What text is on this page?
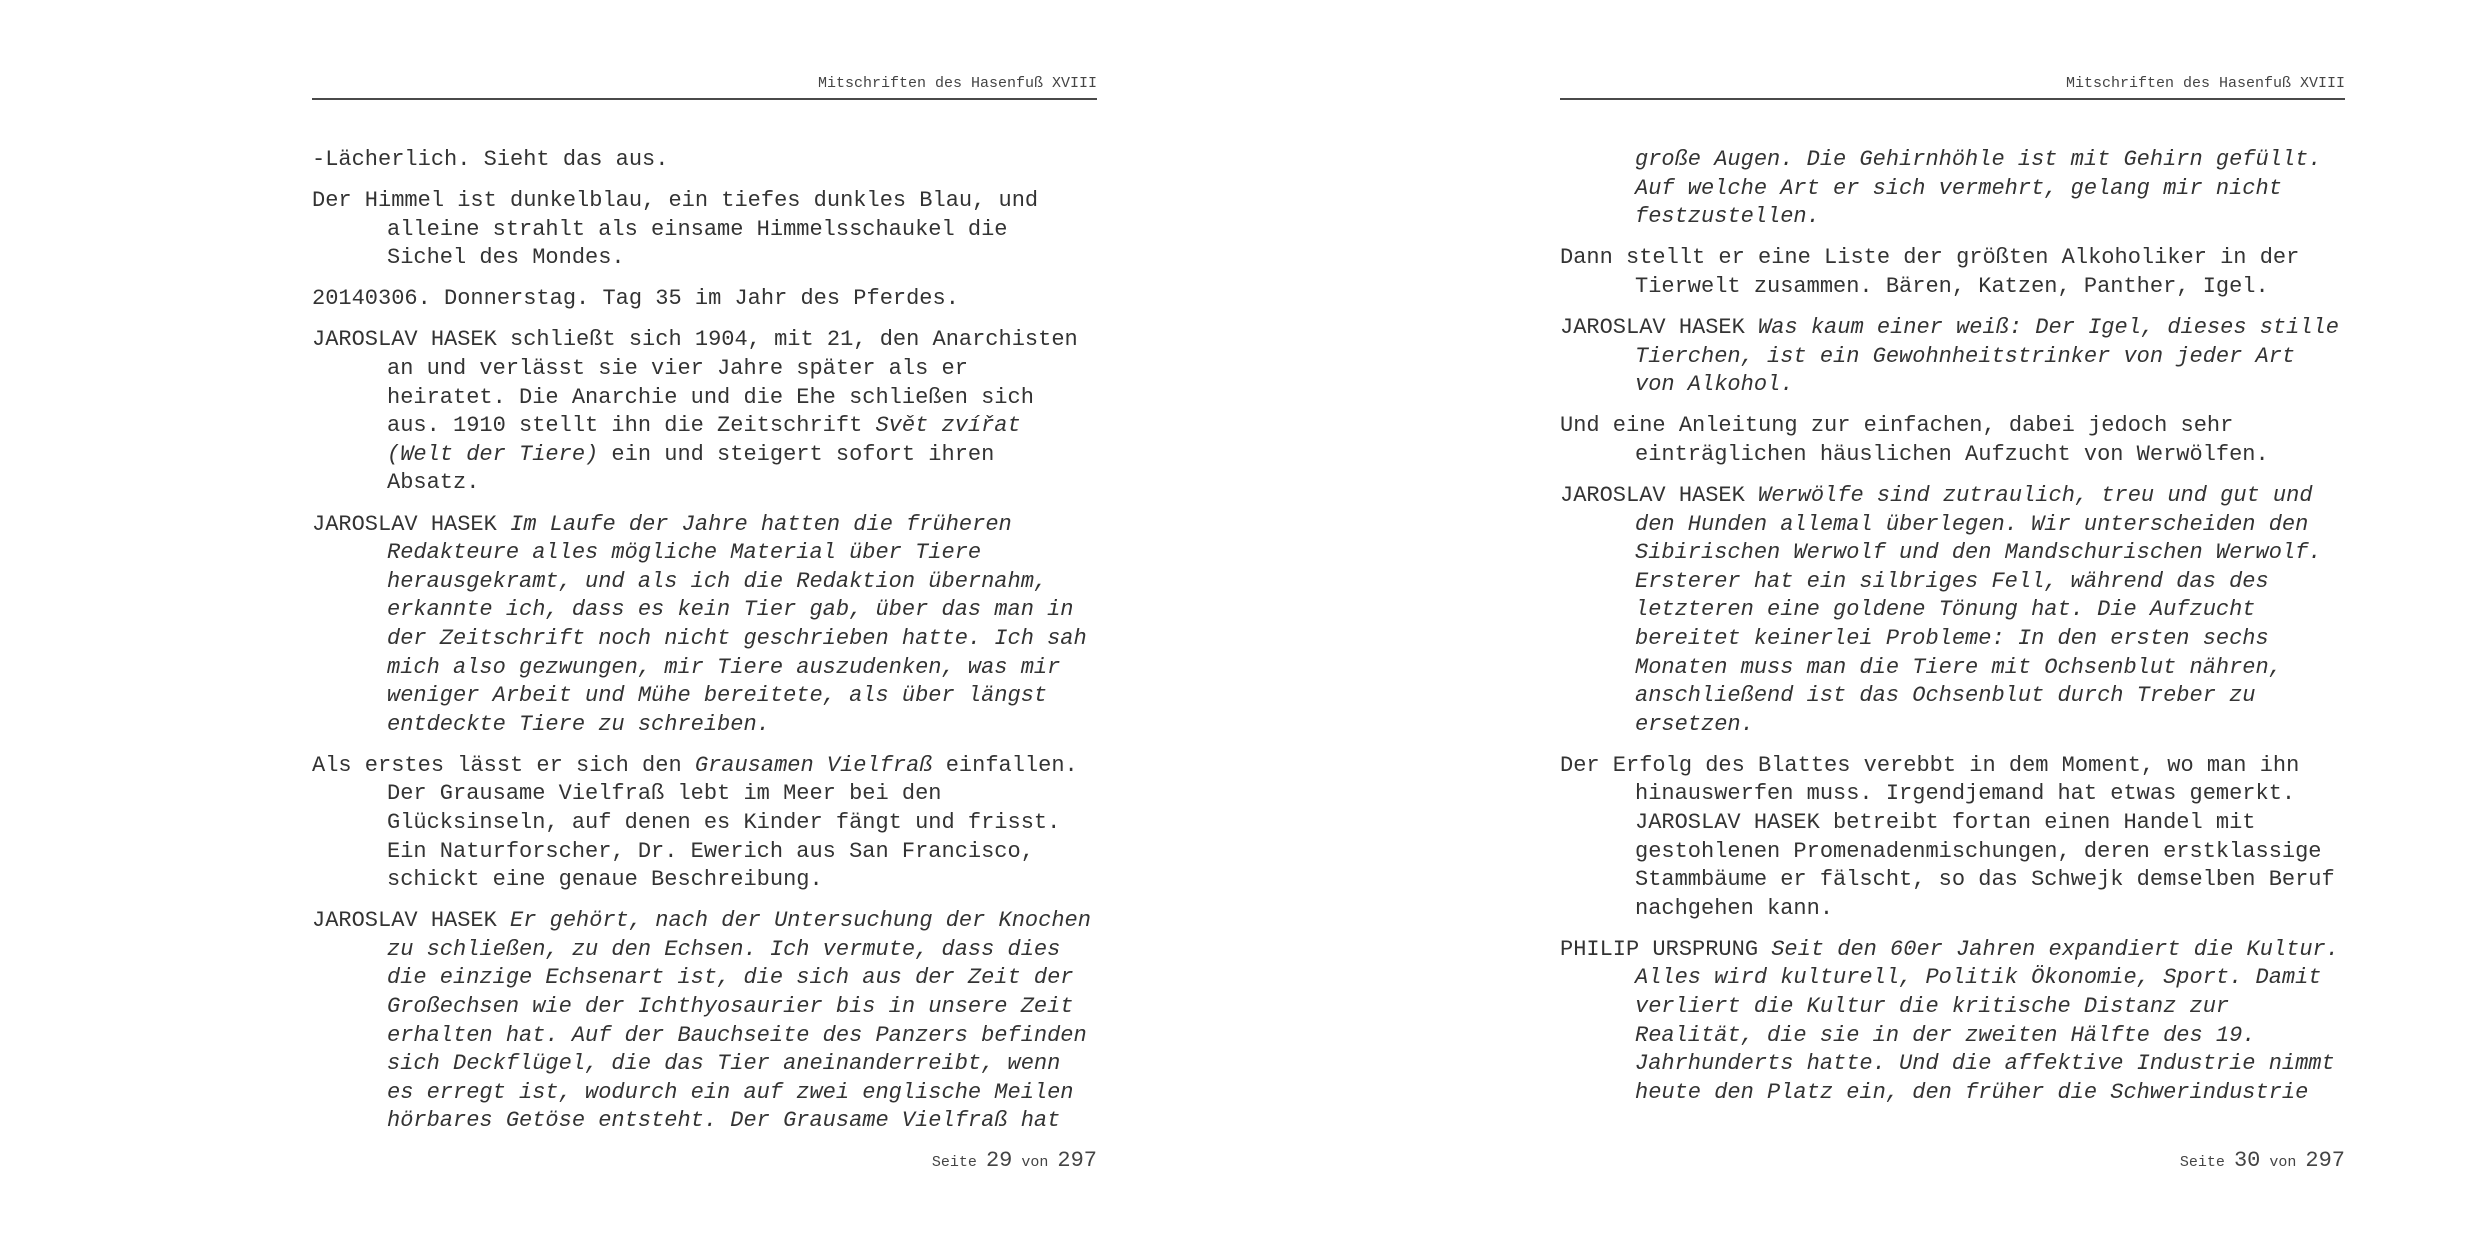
Mitschriften des Hasenfuß XVIII

-Lächerlich. Sieht das aus.

Der Himmel ist dunkelblau, ein tiefes dunkles Blau, und alleine strahlt als einsame Himmelsschaukel die Sichel des Mondes.

20140306. Donnerstag. Tag 35 im Jahr des Pferdes.

JAROSLAV HASEK schließt sich 1904, mit 21, den Anarchisten an und verlässt sie vier Jahre später als er heiratet. Die Anarchie und die Ehe schließen sich aus. 1910 stellt ihn die Zeitschrift Svět zvířat (Welt der Tiere) ein und steigert sofort ihren Absatz.

JAROSLAV HASEK Im Laufe der Jahre hatten die früheren Redakteure alles mögliche Material über Tiere herausgekramt, und als ich die Redaktion übernahm, erkannte ich, dass es kein Tier gab, über das man in der Zeitschrift noch nicht geschrieben hatte. Ich sah mich also gezwungen, mir Tiere auszudenken, was mir weniger Arbeit und Mühe bereitete, als über längst entdeckte Tiere zu schreiben.

Als erstes lässt er sich den Grausamen Vielfraß einfallen. Der Grausame Vielfraß lebt im Meer bei den Glücksinseln, auf denen es Kinder fängt und frisst. Ein Naturforscher, Dr. Ewerich aus San Francisco, schickt eine genaue Beschreibung.

JAROSLAV HASEK Er gehört, nach der Untersuchung der Knochen zu schließen, zu den Echsen. Ich vermute, dass dies die einzige Echsenart ist, die sich aus der Zeit der Großechsen wie der Ichthyosaurier bis in unsere Zeit erhalten hat. Auf der Bauchseite des Panzers befinden sich Deckflügel, die das Tier aneinanderreibt, wenn es erregt ist, wodurch ein auf zwei englische Meilen hörbares Getöse entsteht. Der Grausame Vielfraß hat

Seite 29 von 297
Mitschriften des Hasenfuß XVIII

große Augen. Die Gehirnhöhle ist mit Gehirn gefüllt. Auf welche Art er sich vermehrt, gelang mir nicht festzustellen.

Dann stellt er eine Liste der größten Alkoholiker in der Tierwelt zusammen. Bären, Katzen, Panther, Igel.

JAROSLAV HASEK Was kaum einer weiß: Der Igel, dieses stille Tierchen, ist ein Gewohnheitstrinker von jeder Art von Alkohol.

Und eine Anleitung zur einfachen, dabei jedoch sehr einträglichen häuslichen Aufzucht von Werwölfen.

JAROSLAV HASEK Werwölfe sind zutraulich, treu und gut und den Hunden allemal überlegen. Wir unterscheiden den Sibirischen Werwolf und den Mandschurischen Werwolf. Ersterer hat ein silbriges Fell, während das des letzteren eine goldene Tönung hat. Die Aufzucht bereitet keinerlei Probleme: In den ersten sechs Monaten muss man die Tiere mit Ochsenblut nähren, anschließend ist das Ochsenblut durch Treber zu ersetzen.

Der Erfolg des Blattes verebbt in dem Moment, wo man ihn hinauswerfen muss. Irgendjemand hat etwas gemerkt. JAROSLAV HASEK betreibt fortan einen Handel mit gestohlenen Promenadenmischungen, deren erstklassige Stammbäume er fälscht, so das Schwejk demselben Beruf nachgehen kann.

PHILIP URSPRUNG Seit den 60er Jahren expandiert die Kultur. Alles wird kulturell, Politik Ökonomie, Sport. Damit verliert die Kultur die kritische Distanz zur Realität, die sie in der zweiten Hälfte des 19. Jahrhunderts hatte. Und die affektive Industrie nimmt heute den Platz ein, den früher die Schwerindustrie

Seite 30 von 297
